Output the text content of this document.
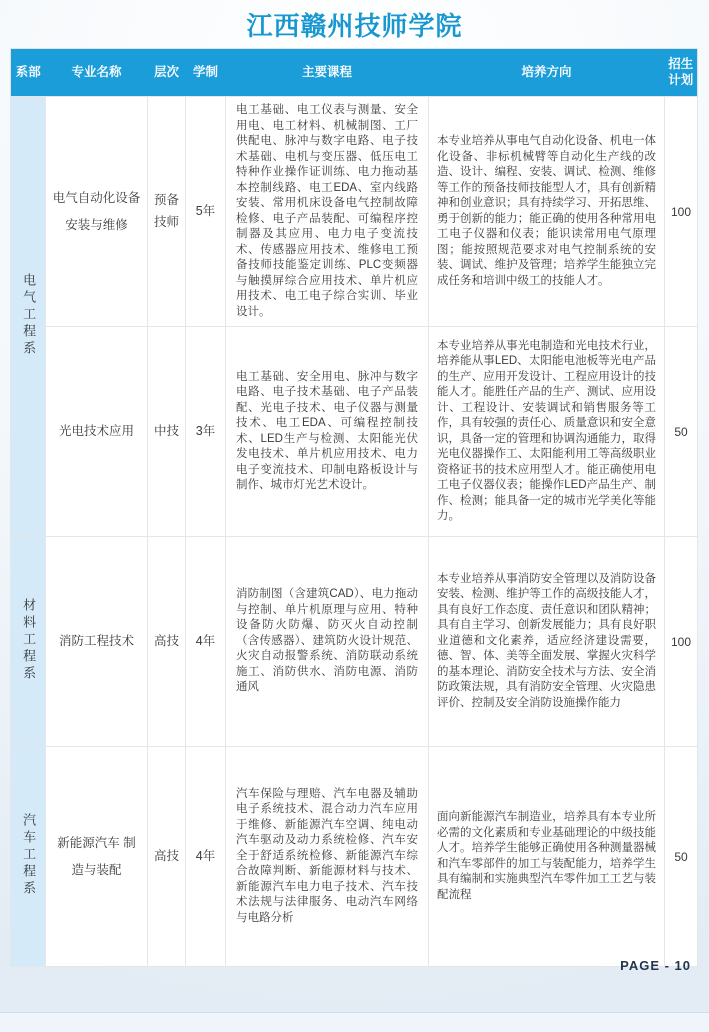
江西赣州技师学院
系部	专业名称	层次	学制	主要课程	培养方向	招生计划
电气工程系	电气自动化设备 安装与维修	预备技师	5年	电工基础、电工仪表与测量、安全用电、电工材料、机械制图、工厂供配电、脉冲与数字电路、电子技术基础、电机与变压器、低压电工特种作业操作证训练、电力拖动基本控制线路、电工EDA、室内线路安装、常用机床设备电气控制故障检修、电子产品装配、可编程序控制器及其应用、电力电子变流技术、传感器应用技术、维修电工预备技师技能鉴定训练、PLC变频器与触摸屏综合应用技术、单片机应用技术、电工电子综合实训、毕业设计。	本专业培养从事电气自动化设备、机电一体化设备、非标机械臂等自动化生产线的改造、设计、编程、安装、调试、检测、维修等工作的预备技师技能型人才，具有创新精神和创业意识；具有持续学习、开拓思维、勇于创新的能力；能正确的使用各种常用电工电子仪器和仪表；能识读常用电气原理图；能按照规范要求对电气控制系统的安装、调试、维护及管理；培养学生能独立完成任务和培训中级工的技能人才。	100
	光电技术应用	中技	3年	电工基础、安全用电、脉冲与数字电路、电子技术基础、电子产品装配、光电子技术、电子仪器与测量技术、电工EDA、可编程控制技术、LED生产与检测、太阳能光伏发电技术、单片机应用技术、电力电子变流技术、印制电路板设计与制作、城市灯光艺术设计。	本专业培养从事光电制造和光电技术行业，培养能从事LED、太阳能电池板等光电产品的生产、应用开发设计、工程应用设计的技能人才。能胜任产品的生产、测试、应用设计、工程设计、安装调试和销售服务等工作，具有较强的责任心、质量意识和安全意识，具备一定的管理和协调沟通能力，取得光电仪器操作工、太阳能利用工等高级职业资格证书的技术应用型人才。能正确使用电工电子仪器仪表；能操作LED产品生产、制作、检测；能具备一定的城市光学美化等能力。	50
材料工程系	消防工程技术	高技	4年	消防制图（含建筑CAD）、电力拖动与控制、单片机原理与应用、特种设备防火防爆、防灭火自动控制（含传感器）、建筑防火设计规范、火灾自动报警系统、消防联动系统施工、消防供水、消防电源、消防通风	本专业培养从事消防安全管理以及消防设备安装、检测、维护等工作的高级技能人才，具有良好工作态度、责任意识和团队精神；具有自主学习、创新发展能力；具有良好职业道德和文化素养，适应经济建设需要，德、智、体、美等全面发展、掌握火灾科学的基本理论、消防安全技术与方法、安全消防政策法规，具有消防安全管理、火灾隐患评价、控制及安全消防设施操作能力	100
汽车工程系	新能源汽车 制造与装配	高技	4年	汽车保险与理赔、汽车电器及辅助电子系统技术、混合动力汽车应用于维修、新能源汽车空调、纯电动汽车驱动及动力系统检修、汽车安全于舒适系统检修、新能源汽车综合故障判断、新能源材料与技术、新能源汽车电力电子技术、汽车技术法规与法律服务、电动汽车网络与电路分析	面向新能源汽车制造业，培养具有本专业所必需的文化素质和专业基础理论的中级技能人才。培养学生能够正确使用各种测量器械和汽车零部件的加工与装配能力，培养学生具有编制和实施典型汽车零件加工工艺与装配流程	50
PAGE - 10
